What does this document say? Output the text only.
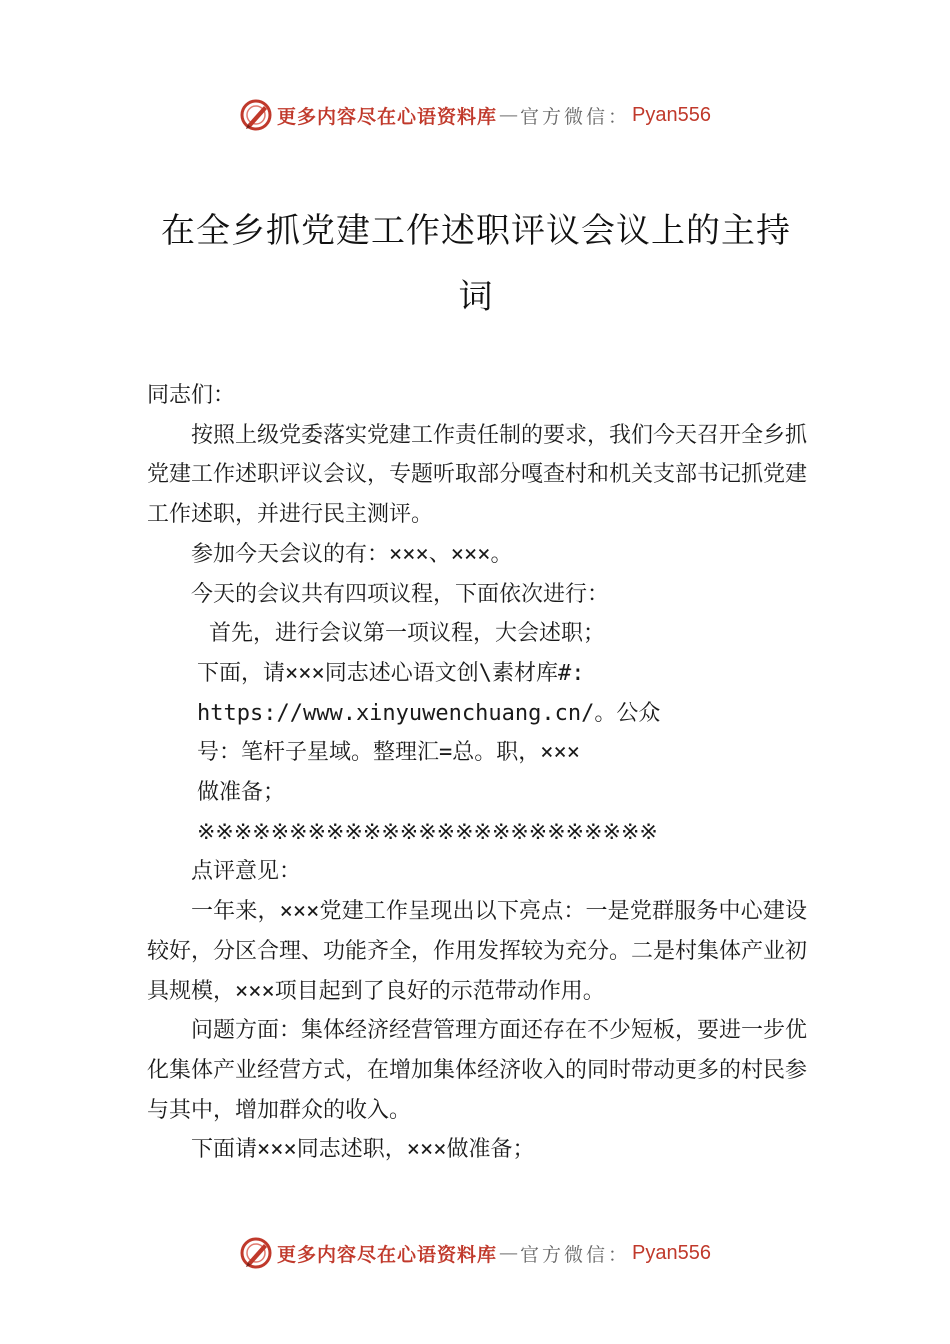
更多内容尽在心语资料库 — 官方微信： Pyan556
在全乡抓党建工作述职评议会议上的主持词

同志们：

按照上级党委落实党建工作责任制的要求，我们今天召开全乡抓党建工作述职评议会议，专题听取部分嘎查村和机关支部书记抓党建工作述职，并进行民主测评。

参加今天会议的有：×××、×××。

今天的会议共有四项议程，下面依次进行：

首先，进行会议第一项议程，大会述职；

下面，请×××同志述心语文创\素材库#:

https://www.xinyuwenchuang.cn/。公众

号：笔杆子星域。整理汇=总。职，×××

做准备；

※※※※※※※※※※※※※※※※※※※※※※※※※

点评意见：

一年来，×××党建工作呈现出以下亮点：一是党群服务中心建设较好，分区合理、功能齐全，作用发挥较为充分。二是村集体产业初具规模，×××项目起到了良好的示范带动作用。

问题方面：集体经济经营管理方面还存在不少短板，要进一步优化集体产业经营方式，在增加集体经济收入的同时带动更多的村民参与其中，增加群众的收入。

下面请×××同志述职，×××做准备；

更多内容尽在心语资料库 — 官方微信： Pyan556
